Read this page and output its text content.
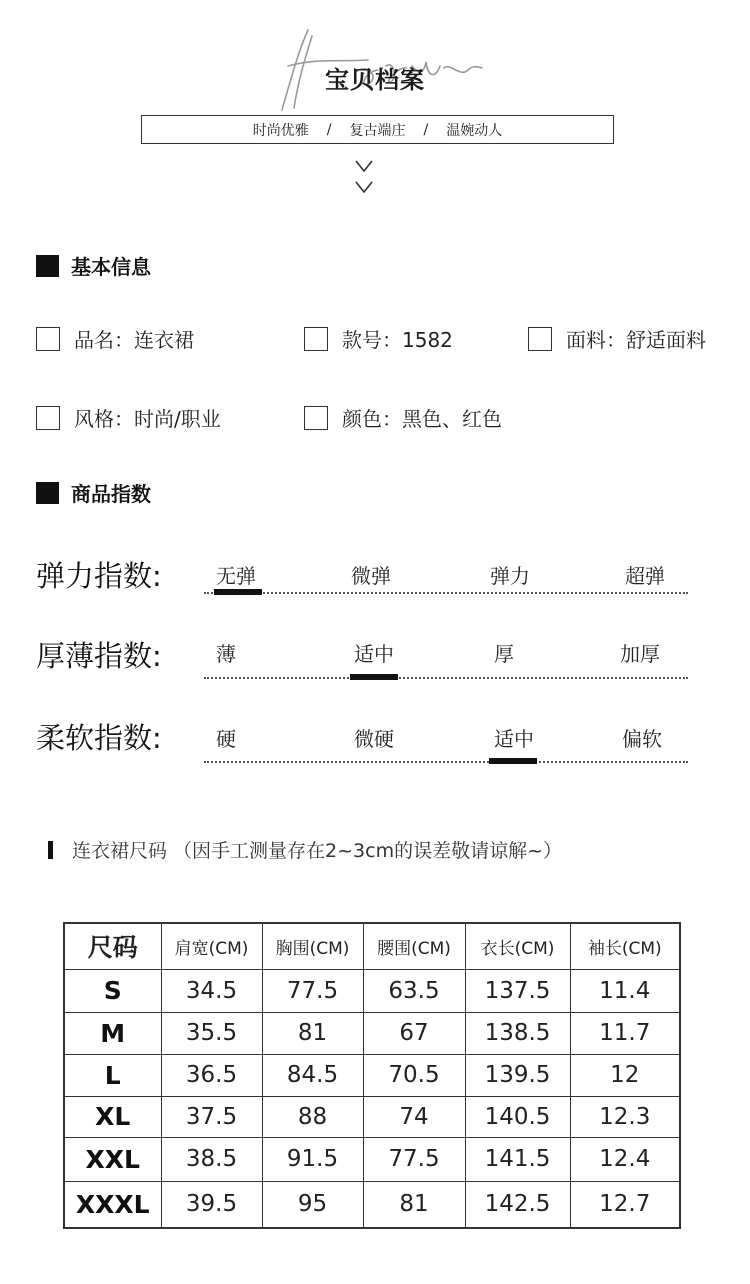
宝贝档案
时尚优雅 / 复古端庄 / 温婉动人
基本信息
品名：连衣裙	款号：1582	面料：舒适面料
风格：时尚/职业	颜色：黑色、红色
商品指数
弹力指数:	无弹	微弹	弹力	超弹
厚薄指数:	薄	适中	厚	加厚
柔软指数:	硬	微硬	适中	偏软
连衣裙尺码 （因手工测量存在2~3cm的误差敬请谅解~）
尺码	肩宽(CM)	胸围(CM)	腰围(CM)	衣长(CM)	袖长(CM)
S	34.5	77.5	63.5	137.5	11.4
M	35.5	81	67	138.5	11.7
L	36.5	84.5	70.5	139.5	12
XL	37.5	88	74	140.5	12.3
XXL	38.5	91.5	77.5	141.5	12.4
XXXL	39.5	95	81	142.5	12.7
